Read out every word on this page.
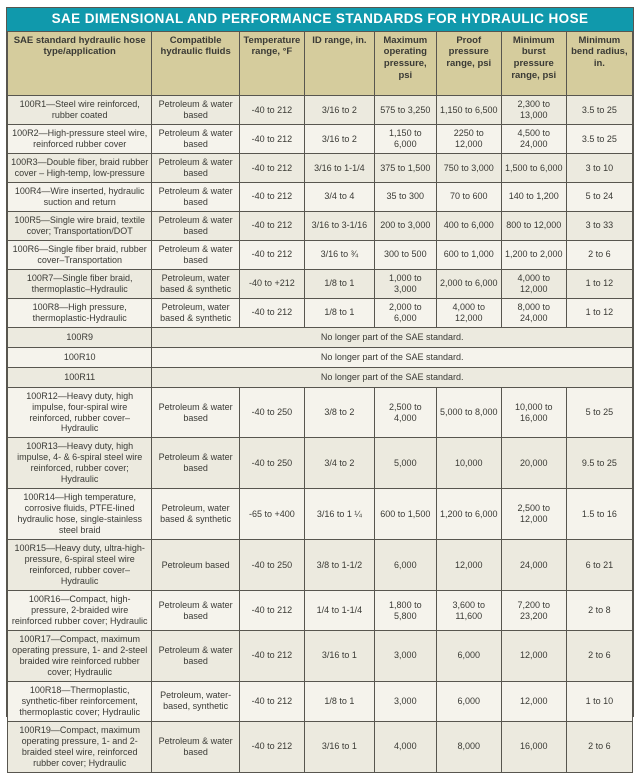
SAE DIMENSIONAL AND PERFORMANCE STANDARDS FOR HYDRAULIC HOSE
SAE standard hydraulic hose type/application	Compatible hydraulic fluids	Temperature range, °F	ID range, in.	Maximum operating pressure, psi	Proof pressure range, psi	Minimum burst pressure range, psi	Minimum bend radius, in.
100R1—Steel wire reinforced, rubber coated	Petroleum & water based	-40 to 212	3/16 to 2	575 to 3,250	1,150 to 6,500	2,300 to 13,000	3.5 to 25
100R2—High-pressure steel wire, reinforced rubber cover	Petroleum & water based	-40 to 212	3/16 to 2	1,150 to 6,000	2250 to 12,000	4,500 to 24,000	3.5 to 25
100R3—Double fiber, braid rubber cover – High-temp, low-pressure	Petroleum & water based	-40 to 212	3/16 to 1-1/4	375 to 1,500	750 to 3,000	1,500 to 6,000	3 to 10
100R4—Wire inserted, hydraulic suction and return	Petroleum & water based	-40 to 212	3/4 to 4	35 to 300	70 to 600	140 to 1,200	5 to 24
100R5—Single wire braid, textile cover; Transportation/DOT	Petroleum & water based	-40 to 212	3/16 to 3-1/16	200 to 3,000	400 to 6,000	800 to 12,000	3 to 33
100R6—Single fiber braid, rubber cover–Transportation	Petroleum & water based	-40 to 212	3/16 to ¾	300 to 500	600 to 1,000	1,200 to 2,000	2 to 6
100R7—Single fiber braid, thermoplastic–Hydraulic	Petroleum, water based & synthetic	-40 to +212	1/8 to 1	1,000 to 3,000	2,000 to 6,000	4,000 to 12,000	1 to 12
100R8—High pressure, thermoplastic-Hydraulic	Petroleum, water based & synthetic	-40 to 212	1/8 to 1	2,000 to 6,000	4,000 to 12,000	8,000 to 24,000	1 to 12
100R9	No longer part of the SAE standard.						
100R10	No longer part of the SAE standard.						
100R11	No longer part of the SAE standard.						
100R12—Heavy duty, high impulse, four-spiral wire reinforced, rubber cover–Hydraulic	Petroleum & water based	-40 to 250	3/8 to 2	2,500 to 4,000	5,000 to 8,000	10,000 to 16,000	5 to 25
100R13—Heavy duty, high impulse, 4- & 6-spiral steel wire reinforced, rubber cover; Hydraulic	Petroleum & water based	-40 to 250	3/4 to 2	5,000	10,000	20,000	9.5 to 25
100R14—High temperature, corrosive fluids, PTFE-lined hydraulic hose, single-stainless steel braid	Petroleum, water based & synthetic	-65 to +400	3/16 to 1 ¼	600 to 1,500	1,200 to 6,000	2,500 to 12,000	1.5 to 16
100R15—Heavy duty, ultra-high-pressure, 6-spiral steel wire reinforced, rubber cover–Hydraulic	Petroleum based	-40 to 250	3/8 to 1-1/2	6,000	12,000	24,000	6 to 21
100R16—Compact, high-pressure, 2-braided wire reinforced rubber cover; Hydraulic	Petroleum & water based	-40 to 212	1/4 to 1-1/4	1,800 to 5,800	3,600 to 11,600	7,200 to 23,200	2 to 8
100R17—Compact, maximum operating pressure, 1- and 2-steel braided wire reinforced rubber cover; Hydraulic	Petroleum & water based	-40 to 212	3/16 to 1	3,000	6,000	12,000	2 to 6
100R18—Thermoplastic, synthetic-fiber reinforcement, thermoplastic cover; Hydraulic	Petroleum, water-based, synthetic	-40 to 212	1/8 to 1	3,000	6,000	12,000	1 to 10
100R19—Compact, maximum operating pressure, 1- and 2-braided steel wire, reinforced rubber cover; Hydraulic	Petroleum & water based	-40 to 212	3/16 to 1	4,000	8,000	16,000	2 to 6
